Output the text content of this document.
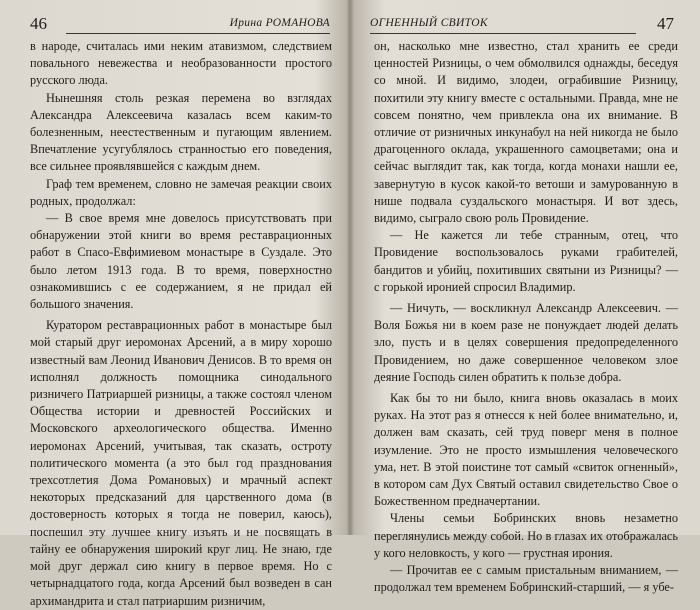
46	Ирина РОМАНОВА

в народе, считалась ими неким атавизмом, следствием повального невежества и необразованности простого русского люда.

Нынешняя столь резкая перемена во взглядах Александра Алексеевича казалась всем каким-то болезненным, неестественным и пугающим явлением. Впечатление усугублялось странностью его поведения, все сильнее проявлявшейся с каждым днем.

Граф тем временем, словно не замечая реакции своих родных, продолжал:

— В свое время мне довелось присутствовать при обнаружении этой книги во время реставрационных работ в Спасо-Евфимиевом монастыре в Суздале. Это было летом 1913 года. В то время, поверхностно ознакомившись с ее содержанием, я не придал ей большого значения.

Куратором реставрационных работ в монастыре был мой старый друг иеромонах Арсений, а в миру хорошо известный вам Леонид Иванович Денисов. В то время он исполнял должность помощника синодального ризничего Патриаршей ризницы, а также состоял членом Общества истории и древностей Российских и Московского археологического общества. Именно иеромонах Арсений, учитывая, так сказать, остроту политического момента (а это был год празднования трехсотлетия Дома Романовых) и мрачный аспект некоторых предсказаний для царственного дома (в достоверность которых я тогда не поверил, каюсь), поспешил эту лучшее книгу изъять и не посвящать в тайну ее обнаружения широкий круг лиц. Не знаю, где мой друг держал сию книгу в первое время. Но с четырнадцатого года, когда Арсений был возведен в сан архимандрита и стал патриаршим ризничим,

ОГНЕННЫЙ СВИТОК	47

он, насколько мне известно, стал хранить ее среди ценностей Ризницы, о чем обмолвился однажды, беседуя со мной. И видимо, злодеи, ограбившие Ризницу, похитили эту книгу вместе с остальными. Правда, мне не совсем понятно, чем привлекла она их внимание. В отличие от ризничных инкунабул на ней никогда не было драгоценного оклада, украшенного самоцветами; она и сейчас выглядит так, как тогда, когда монахи нашли ее, завернутую в кусок какой-то ветоши и замурованную в нише подвала суздальского монастыря. И вот здесь, видимо, сыграло свою роль Провидение.

— Не кажется ли тебе странным, отец, что Провидение воспользовалось руками грабителей, бандитов и убийц, похитивших святыни из Ризницы? — с горькой иронией спросил Владимир.

— Ничуть, — воскликнул Александр Алексеевич. — Воля Божья ни в коем разе не понуждает людей делать зло, пусть и в целях совершения предопределенного Провидением, но даже совершенное человеком злое деяние Господь силен обратить к пользе добра.

Как бы то ни было, книга вновь оказалась в моих руках. На этот раз я отнесся к ней более внимательно, и, должен вам сказать, сей труд поверг меня в полное изумление. Это не просто измышления человеческого ума, нет. В этой поистине тот самый «свиток огненный», в котором сам Дух Святый оставил свидетельство Свое о Божественном предначертании.

Члены семьи Бобринских вновь незаметно переглянулись между собой. Но в глазах их отображалась у кого неловкость, у кого — грустная ирония.

— Прочитав ее с самым пристальным вниманием, — продолжал тем временем Бобринский-старший, — я убе-
